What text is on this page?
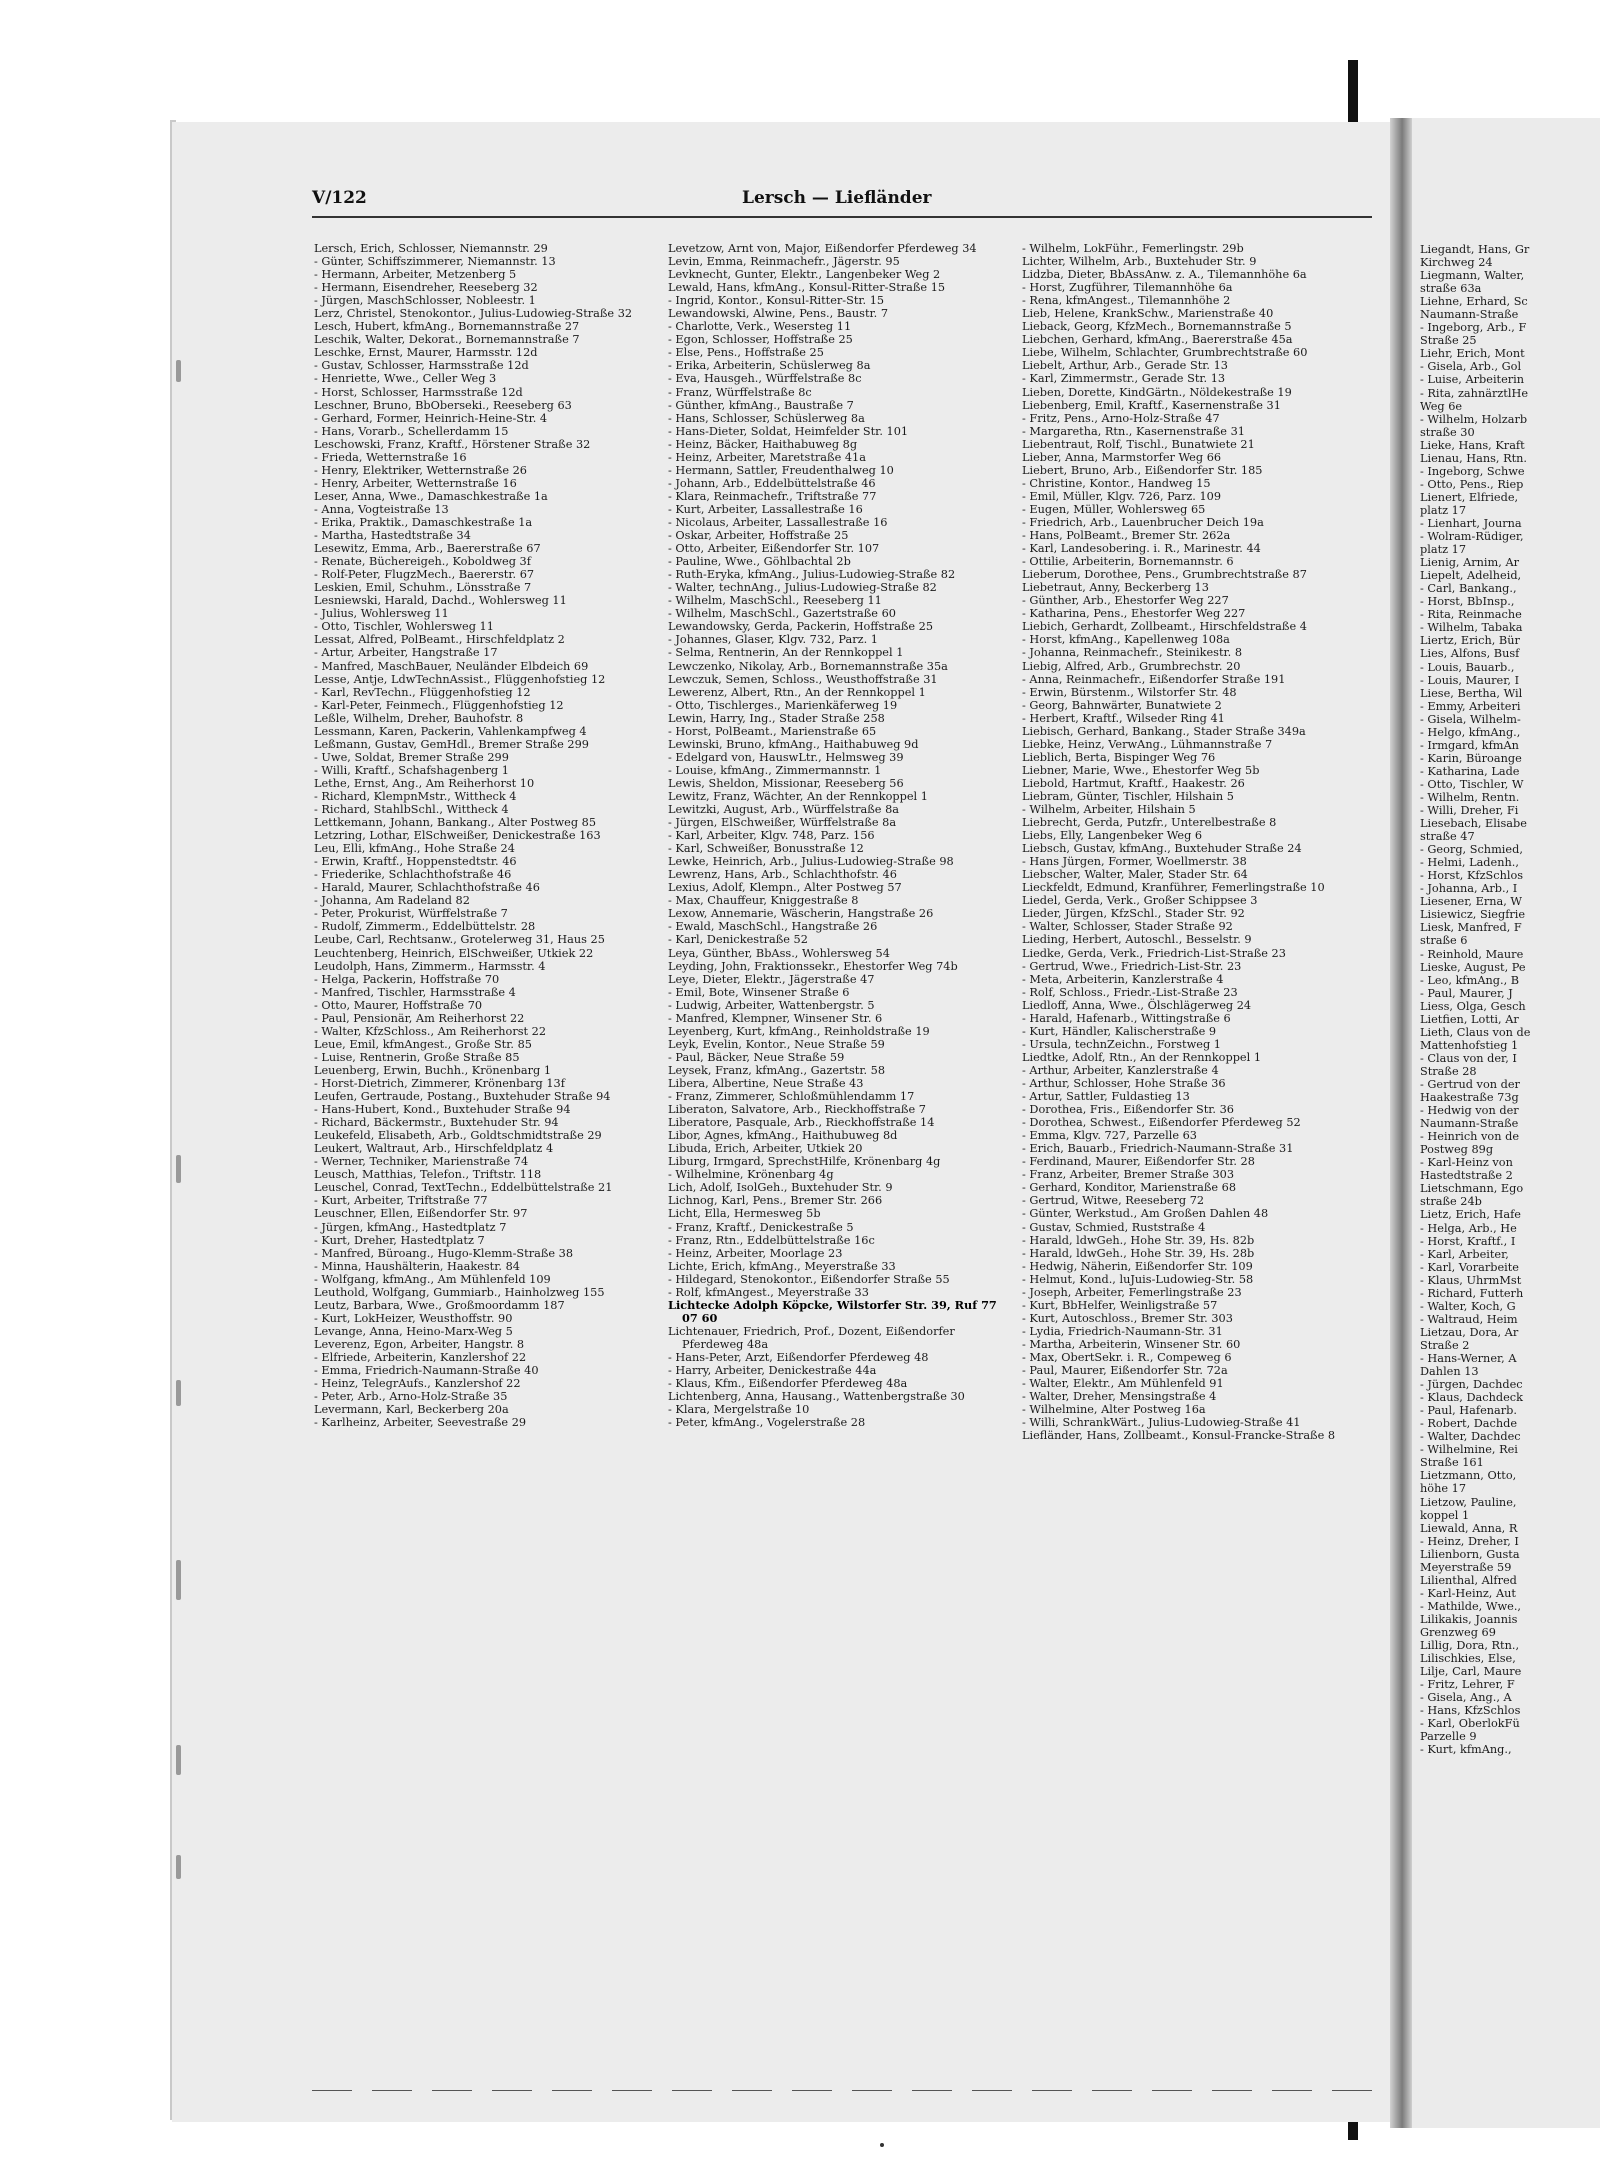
V/122	Lersch — Liefländer
Lersch, Erich, Schlosser, Niemannstr. 29
- Günter, Schiffszimmerer, Niemannstr. 13
- Hermann, Arbeiter, Metzenberg 5
- Hermann, Eisendreher, Reeseberg 32
- Jürgen, MaschSchlosser, Nobleestr. 1
Lerz, Christel, Stenokontor., Julius-Ludowieg-Straße 32
Lesch, Hubert, kfmAng., Bornemannstraße 27
Leschik, Walter, Dekorat., Bornemannstraße 7
Leschke, Ernst, Maurer, Harmsstr. 12d
- Gustav, Schlosser, Harmsstraße 12d
- Henriette, Wwe., Celler Weg 3
- Horst, Schlosser, Harmsstraße 12d
Leschner, Bruno, BbOberseki., Reeseberg 63
- Gerhard, Former, Heinrich-Heine-Str. 4
- Hans, Vorarb., Schellerdamm 15
Leschowski, Franz, Kraftf., Hörstener Straße 32
- Frieda, Wetternstraße 16
- Henry, Elektriker, Wetternstraße 26
- Henry, Arbeiter, Wetternstraße 16
Leser, Anna, Wwe., Damaschkestraße 1a
- Anna, Vogteistraße 13
- Erika, Praktik., Damaschkestraße 1a
- Martha, Hastedtstraße 34
Lesewitz, Emma, Arb., Baererstraße 67
- Renate, Büchereigeh., Koboldweg 3f
- Rolf-Peter, FlugzMech., Baererstr. 67
Leskien, Emil, Schuhm., Lönsstraße 7
Lesniewski, Harald, Dachd., Wohlersweg 11
- Julius, Wohlersweg 11
- Otto, Tischler, Wohlersweg 11
Lessat, Alfred, PolBeamt., Hirschfeldplatz 2
- Artur, Arbeiter, Hangstraße 17
- Manfred, MaschBauer, Neuländer Elbdeich 69
Lesse, Antje, LdwTechnAssist., Flüggenhofstieg 12
- Karl, RevTechn., Flüggenhofstieg 12
- Karl-Peter, Feinmech., Flüggenhofstieg 12
Leßle, Wilhelm, Dreher, Bauhofstr. 8
Lessmann, Karen, Packerin, Vahlenkampfweg 4
Leßmann, Gustav, GemHdl., Bremer Straße 299
- Uwe, Soldat, Bremer Straße 299
- Willi, Kraftf., Schafshagenberg 1
Lethe, Ernst, Ang., Am Reiherhorst 10
- Richard, KlempnMstr., Wittheck 4
- Richard, StahlbSchl., Wittheck 4
Lettkemann, Johann, Bankang., Alter Postweg 85
Letzring, Lothar, ElSchweißer, Denickestraße 163
Leu, Elli, kfmAng., Hohe Straße 24
- Erwin, Kraftf., Hoppenstedtstr. 46
- Friederike, Schlachthofstraße 46
- Harald, Maurer, Schlachthofstraße 46
- Johanna, Am Radeland 82
- Peter, Prokurist, Würffelstraße 7
- Rudolf, Zimmerm., Eddelbüttelstr. 28
Leube, Carl, Rechtsanw., Grotelerweg 31, Haus 25
Leuchtenberg, Heinrich, ElSchweißer, Utkiek 22
Leudolph, Hans, Zimmerm., Harmsstr. 4
- Helga, Packerin, Hoffstraße 70
- Manfred, Tischler, Harmsstraße 4
- Otto, Maurer, Hoffstraße 70
- Paul, Pensionär, Am Reiherhorst 22
- Walter, KfzSchloss., Am Reiherhorst 22
Leue, Emil, kfmAngest., Große Str. 85
- Luise, Rentnerin, Große Straße 85
Leuenberg, Erwin, Buchh., Krönenbarg 1
- Horst-Dietrich, Zimmerer, Krönenbarg 13f
Leufen, Gertraude, Postang., Buxtehuder Straße 94
- Hans-Hubert, Kond., Buxtehuder Straße 94
- Richard, Bäckermstr., Buxtehuder Str. 94
Leukefeld, Elisabeth, Arb., Goldtschmidtstraße 29
Leukert, Waltraut, Arb., Hirschfeldplatz 4
- Werner, Techniker, Marienstraße 74
Leusch, Matthias, Telefon., Triftstr. 118
Leuschel, Conrad, TextTechn., Eddelbüttelstraße 21
- Kurt, Arbeiter, Triftstraße 77
Leuschner, Ellen, Eißendorfer Str. 97
- Jürgen, kfmAng., Hastedtplatz 7
- Kurt, Dreher, Hastedtplatz 7
- Manfred, Büroang., Hugo-Klemm-Straße 38
- Minna, Haushälterin, Haakestr. 84
- Wolfgang, kfmAng., Am Mühlenfeld 109
Leuthold, Wolfgang, Gummiarb., Hainholzweg 155
Leutz, Barbara, Wwe., Großmoordamm 187
- Kurt, LokHeizer, Weusthoffstr. 90
Levange, Anna, Heino-Marx-Weg 5
Leverenz, Egon, Arbeiter, Hangstr. 8
- Elfriede, Arbeiterin, Kanzlershof 22
- Emma, Friedrich-Naumann-Straße 40
- Heinz, TelegrAufs., Kanzlershof 22
- Peter, Arb., Arno-Holz-Straße 35
Levermann, Karl, Beckerberg 20a
- Karlheinz, Arbeiter, Seevestraße 29
Levetzow, Arnt von, Major, Eißendorfer Pferdeweg 34
Levin, Emma, Reinmachefr., Jägerstr. 95
Levknecht, Gunter, Elektr., Langenbeker Weg 2
Lewald, Hans, kfmAng., Konsul-Ritter-Straße 15
- Ingrid, Kontor., Konsul-Ritter-Str. 15
Lewandowski, Alwine, Pens., Baustr. 7
- Charlotte, Verk., Wesersteg 11
- Egon, Schlosser, Hoffstraße 25
- Else, Pens., Hoffstraße 25
- Erika, Arbeiterin, Schüslerweg 8a
- Eva, Hausgeh., Würffelstraße 8c
- Franz, Würffelstraße 8c
- Günther, kfmAng., Baustraße 7
- Hans, Schlosser, Schüslerweg 8a
- Hans-Dieter, Soldat, Heimfelder Str. 101
- Heinz, Bäcker, Haithabuweg 8g
- Heinz, Arbeiter, Maretstraße 41a
- Hermann, Sattler, Freudenthalweg 10
- Johann, Arb., Eddelbüttelstraße 46
- Klara, Reinmachefr., Triftstraße 77
- Kurt, Arbeiter, Lassallestraße 16
- Nicolaus, Arbeiter, Lassallestraße 16
- Oskar, Arbeiter, Hoffstraße 25
- Otto, Arbeiter, Eißendorfer Str. 107
- Pauline, Wwe., Göhlbachtal 2b
- Ruth-Eryka, kfmAng., Julius-Ludowieg-Straße 82
- Walter, technAng., Julius-Ludowieg-Straße 82
- Wilhelm, MaschSchl., Reeseberg 11
- Wilhelm, MaschSchl., Gazertstraße 60
Lewandowsky, Gerda, Packerin, Hoffstraße 25
- Johannes, Glaser, Klgv. 732, Parz. 1
- Selma, Rentnerin, An der Rennkoppel 1
Lewczenko, Nikolay, Arb., Bornemannstraße 35a
Lewczuk, Semen, Schloss., Weusthoffstraße 31
Lewerenz, Albert, Rtn., An der Rennkoppel 1
- Otto, Tischlerges., Marienkäferweg 19
Lewin, Harry, Ing., Stader Straße 258
- Horst, PolBeamt., Marienstraße 65
Lewinski, Bruno, kfmAng., Haithabuweg 9d
- Edelgard von, HauswLtr., Helmsweg 39
- Louise, kfmAng., Zimmermannstr. 1
Lewis, Sheldon, Missionar, Reeseberg 56
Lewitz, Franz, Wächter, An der Rennkoppel 1
Lewitzki, August, Arb., Würffelstraße 8a
- Jürgen, ElSchweißer, Würffelstraße 8a
- Karl, Arbeiter, Klgv. 748, Parz. 156
- Karl, Schweißer, Bonusstraße 12
Lewke, Heinrich, Arb., Julius-Ludowieg-Straße 98
Lewrenz, Hans, Arb., Schlachthofstr. 46
Lexius, Adolf, Klempn., Alter Postweg 57
- Max, Chauffeur, Kniggestraße 8
Lexow, Annemarie, Wäscherin, Hangstraße 26
- Ewald, MaschSchl., Hangstraße 26
- Karl, Denickestraße 52
Leya, Günther, BbAss., Wohlersweg 54
Leyding, John, Fraktionssekr., Ehestorfer Weg 74b
Leye, Dieter, Elektr., Jägerstraße 47
- Emil, Bote, Winsener Straße 6
- Ludwig, Arbeiter, Wattenbergstr. 5
- Manfred, Klempner, Winsener Str. 6
Leyenberg, Kurt, kfmAng., Reinholdstraße 19
Leyk, Evelin, Kontor., Neue Straße 59
- Paul, Bäcker, Neue Straße 59
Leysek, Franz, kfmAng., Gazertstr. 58
Libera, Albertine, Neue Straße 43
- Franz, Zimmerer, Schloßmühlendamm 17
Liberaton, Salvatore, Arb., Rieckhoffstraße 7
Liberatore, Pasquale, Arb., Rieckhoffstraße 14
Libor, Agnes, kfmAng., Haithubuweg 8d
Libuda, Erich, Arbeiter, Utkiek 20
Liburg, Irmgard, SprechstHilfe, Krönenbarg 4g
- Wilhelmine, Krönenbarg 4g
Lich, Adolf, IsolGeh., Buxtehuder Str. 9
Lichnog, Karl, Pens., Bremer Str. 266
Licht, Ella, Hermesweg 5b
- Franz, Kraftf., Denickestraße 5
- Franz, Rtn., Eddelbüttelstraße 16c
- Heinz, Arbeiter, Moorlage 23
Lichte, Erich, kfmAng., Meyerstraße 33
- Hildegard, Stenokontor., Eißendorfer Straße 55
- Rolf, kfmAngest., Meyerstraße 33
Lichtecke Adolph Köpcke, Wilstorfer Str. 39, Ruf 77 07 60
Lichtenauer, Friedrich, Prof., Dozent, Eißendorfer Pferdeweg 48a
- Hans-Peter, Arzt, Eißendorfer Pferdeweg 48
- Harry, Arbeiter, Denickestraße 44a
- Klaus, Kfm., Eißendorfer Pferdeweg 48a
Lichtenberg, Anna, Hausang., Wattenbergstraße 30
- Klara, Mergelstraße 10
- Peter, kfmAng., Vogelerstraße 28
- Wilhelm, LokFühr., Femerlingstr. 29b
Lichter, Wilhelm, Arb., Buxtehuder Str. 9
Lidzba, Dieter, BbAssAnw. z. A., Tilemannhöhe 6a
- Horst, Zugführer, Tilemannhöhe 6a
- Rena, kfmAngest., Tilemannhöhe 2
Lieb, Helene, KrankSchw., Marienstraße 40
Lieback, Georg, KfzMech., Bornemannstraße 5
Liebchen, Gerhard, kfmAng., Baererstraße 45a
Liebe, Wilhelm, Schlachter, Grumbrechtstraße 60
Liebelt, Arthur, Arb., Gerade Str. 13
- Karl, Zimmermstr., Gerade Str. 13
Lieben, Dorette, KindGärtn., Nöldekestraße 19
Liebenberg, Emil, Kraftf., Kasernenstraße 31
- Fritz, Pens., Arno-Holz-Straße 47
- Margaretha, Rtn., Kasernenstraße 31
Liebentraut, Rolf, Tischl., Bunatwiete 21
Lieber, Anna, Marmstorfer Weg 66
Liebert, Bruno, Arb., Eißendorfer Str. 185
- Christine, Kontor., Handweg 15
- Emil, Müller, Klgv. 726, Parz. 109
- Eugen, Müller, Wohlersweg 65
- Friedrich, Arb., Lauenbrucher Deich 19a
- Hans, PolBeamt., Bremer Str. 262a
- Karl, Landesobering. i. R., Marinestr. 44
- Ottilie, Arbeiterin, Bornemannstr. 6
Lieberum, Dorothee, Pens., Grumbrechtstraße 87
Liebetraut, Anny, Beckerberg 13
- Günther, Arb., Ehestorfer Weg 227
- Katharina, Pens., Ehestorfer Weg 227
Liebich, Gerhardt, Zollbeamt., Hirschfeldstraße 4
- Horst, kfmAng., Kapellenweg 108a
- Johanna, Reinmachefr., Steinikestr. 8
Liebig, Alfred, Arb., Grumbrechstr. 20
- Anna, Reinmachefr., Eißendorfer Straße 191
- Erwin, Bürstenm., Wilstorfer Str. 48
- Georg, Bahnwärter, Bunatwiete 2
- Herbert, Kraftf., Wilseder Ring 41
Liebisch, Gerhard, Bankang., Stader Straße 349a
Liebke, Heinz, VerwAng., Lühmannstraße 7
Lieblich, Berta, Bispinger Weg 76
Liebner, Marie, Wwe., Ehestorfer Weg 5b
Liebold, Hartmut, Kraftf., Haakestr. 26
Liebram, Günter, Tischler, Hilshain 5
- Wilhelm, Arbeiter, Hilshain 5
Liebrecht, Gerda, Putzfr., Unterelbestraße 8
Liebs, Elly, Langenbeker Weg 6
Liebsch, Gustav, kfmAng., Buxtehuder Straße 24
- Hans Jürgen, Former, Woellmerstr. 38
Liebscher, Walter, Maler, Stader Str. 64
Lieckfeldt, Edmund, Kranführer, Femerlingstraße 10
Liedel, Gerda, Verk., Großer Schippsee 3
Lieder, Jürgen, KfzSchl., Stader Str. 92
- Walter, Schlosser, Stader Straße 92
Lieding, Herbert, Autoschl., Besselstr. 9
Liedke, Gerda, Verk., Friedrich-List-Straße 23
- Gertrud, Wwe., Friedrich-List-Str. 23
- Meta, Arbeiterin, Kanzlerstraße 4
- Rolf, Schloss., Friedr.-List-Straße 23
Liedloff, Anna, Wwe., Ölschlägerweg 24
- Harald, Hafenarb., Wittingstraße 6
- Kurt, Händler, Kalischerstraße 9
- Ursula, technZeichn., Forstweg 1
Liedtke, Adolf, Rtn., An der Rennkoppel 1
- Arthur, Arbeiter, Kanzlerstraße 4
- Arthur, Schlosser, Hohe Straße 36
- Artur, Sattler, Fuldastieg 13
- Dorothea, Fris., Eißendorfer Str. 36
- Dorothea, Schwest., Eißendorfer Pferdeweg 52
- Emma, Klgv. 727, Parzelle 63
- Erich, Bauarb., Friedrich-Naumann-Straße 31
- Ferdinand, Maurer, Eißendorfer Str. 28
- Franz, Arbeiter, Bremer Straße 303
- Gerhard, Konditor, Marienstraße 68
- Gertrud, Witwe, Reeseberg 72
- Günter, Werkstud., Am Großen Dahlen 48
- Gustav, Schmied, Ruststraße 4
- Harald, ldwGeh., Hohe Str. 39, Hs. 82b
- Harald, ldwGeh., Hohe Str. 39, Hs. 28b
- Hedwig, Näherin, Eißendorfer Str. 109
- Helmut, Kond., luJuis-Ludowieg-Str. 58
- Joseph, Arbeiter, Femerlingstraße 23
- Kurt, BbHelfer, Weinligstraße 57
- Kurt, Autoschloss., Bremer Str. 303
- Lydia, Friedrich-Naumann-Str. 31
- Martha, Arbeiterin, Winsener Str. 60
- Max, ObertSekr. i. R., Compeweg 6
- Paul, Maurer, Eißendorfer Str. 72a
- Walter, Elektr., Am Mühlenfeld 91
- Walter, Dreher, Mensingstraße 4
- Wilhelmine, Alter Postweg 16a
- Willi, SchrankWärt., Julius-Ludowieg-Straße 41
Liefländer, Hans, Zollbeamt., Konsul-Francke-Straße 8
Liegandt, Hans, Gr
Kirchweg 24
Liegmann, Walter,
straße 63a
Liehne, Erhard, Sc
Naumann-Straße
- Ingeborg, Arb., F
Straße 25
Liehr, Erich, Mont
- Gisela, Arb., Gol
- Luise, Arbeiterin
- Rita, zahnärztlHe
Weg 6e
- Wilhelm, Holzarb
straße 30
Lieke, Hans, Kraft
Lienau, Hans, Rtn.
- Ingeborg, Schwe
- Otto, Pens., Riep
Lienert, Elfriede,
platz 17
- Lienhart, Journa
- Wolram-Rüdiger,
platz 17
Lienig, Arnim, Ar
Liepelt, Adelheid,
- Carl, Bankang.,
- Horst, BbInsp.,
- Rita, Reinmache
- Wilhelm, Tabaka
Liertz, Erich, Bür
Lies, Alfons, Busf
- Louis, Bauarb.,
- Louis, Maurer, I
Liese, Bertha, Wil
- Emmy, Arbeiteri
- Gisela, Wilhelm-
- Helgo, kfmAng.,
- Irmgard, kfmAn
- Karin, Büroange
- Katharina, Lade
- Otto, Tischler, W
- Wilhelm, Rentn.
- Willi, Dreher, Fi
Liesebach, Elisabe
straße 47
- Georg, Schmied,
- Helmi, Ladenh.,
- Horst, KfzSchlos
- Johanna, Arb., I
Liesener, Erna, W
Lisiewicz, Siegfrie
Liesk, Manfred, F
straße 6
- Reinhold, Maure
Lieske, August, Pe
- Leo, kfmAng., B
- Paul, Maurer, J
Liess, Olga, Gesch
Lietfien, Lotti, Ar
Lieth, Claus von de
Mattenhofstieg 1
- Claus von der, I
Straße 28
- Gertrud von der
Haakestraße 73g
- Hedwig von der
Naumann-Straße
- Heinrich von de
Postweg 89g
- Karl-Heinz von
Hastedtstraße 2
Lietschmann, Ego
straße 24b
Lietz, Erich, Hafe
- Helga, Arb., He
- Horst, Kraftf., I
- Karl, Arbeiter,
- Karl, Vorarbeite
- Klaus, UhrmMst
- Richard, Futterh
- Walter, Koch, G
- Waltraud, Heim
Lietzau, Dora, Ar
Straße 2
- Hans-Werner, A
Dahlen 13
- Jürgen, Dachdec
- Klaus, Dachdeck
- Paul, Hafenarb.
- Robert, Dachde
- Walter, Dachdec
- Wilhelmine, Rei
Straße 161
Lietzmann, Otto,
höhe 17
Lietzow, Pauline,
koppel 1
Liewald, Anna, R
- Heinz, Dreher, I
Lilienborn, Gusta
Meyerstraße 59
Lilienthal, Alfred
- Karl-Heinz, Aut
- Mathilde, Wwe.,
Lilikakis, Joannis
Grenzweg 69
Lillig, Dora, Rtn.,
Lilischkies, Else,
Lilje, Carl, Maure
- Fritz, Lehrer, F
- Gisela, Ang., A
- Hans, KfzSchlos
- Karl, OberlokFü
Parzelle 9
- Kurt, kfmAng.,
